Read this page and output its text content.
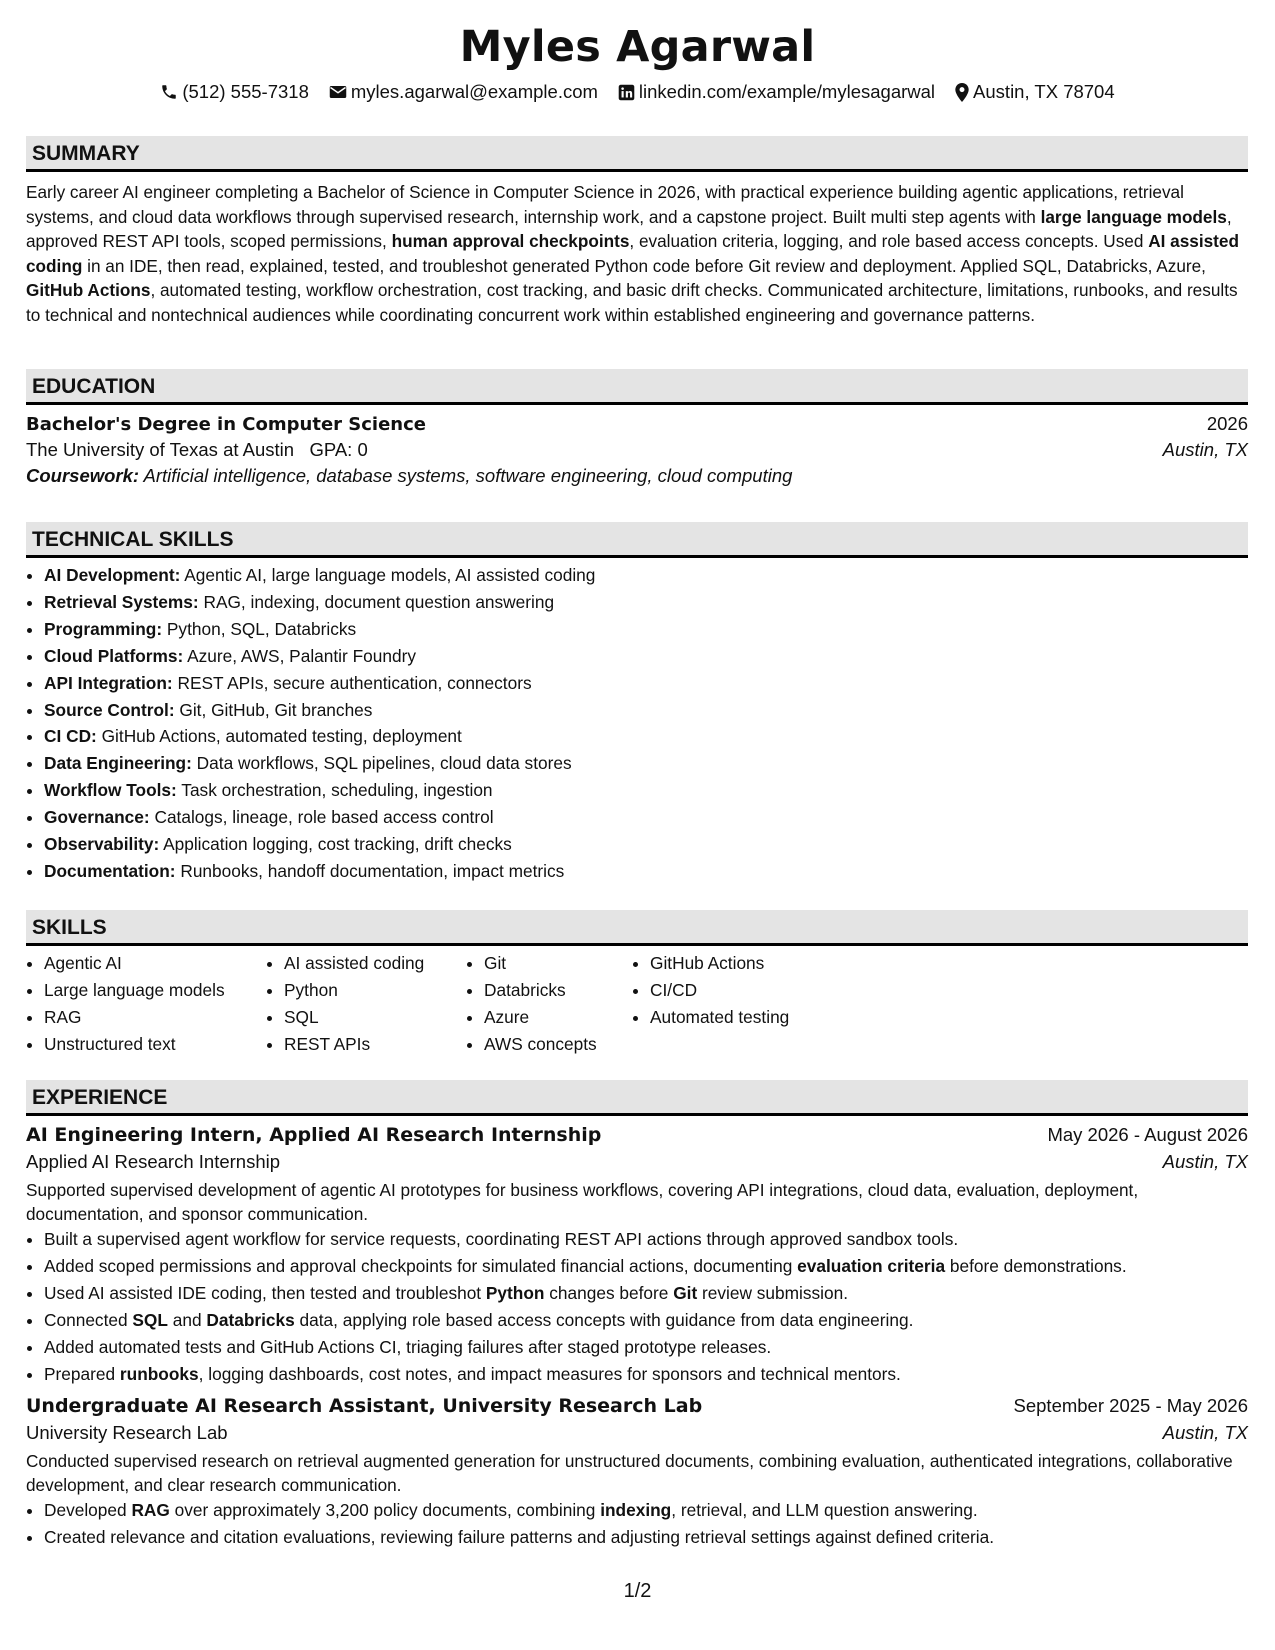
Myles Agarwal
(512) 555-7318 myles.agarwal@example.com linkedin.com/example/mylesagarwal Austin, TX 78704
SUMMARY

Early career AI engineer completing a Bachelor of Science in Computer Science in 2026, with practical experience building agentic applications, retrieval systems, and cloud data workflows through supervised research, internship work, and a capstone project. Built multi step agents with large language models, approved REST API tools, scoped permissions, human approval checkpoints, evaluation criteria, logging, and role based access concepts. Used AI assisted coding in an IDE, then read, explained, tested, and troubleshot generated Python code before Git review and deployment. Applied SQL, Databricks, Azure, GitHub Actions, automated testing, workflow orchestration, cost tracking, and basic drift checks. Communicated architecture, limitations, runbooks, and results to technical and nontechnical audiences while coordinating concurrent work within established engineering and governance patterns.

EDUCATION
Bachelor's Degree in Computer Science	2026
The University of Texas at Austin GPA: 0	Austin, TX
Coursework: Artificial intelligence, database systems, software engineering, cloud computing
TECHNICAL SKILLS
• AI Development: Agentic AI, large language models, AI assisted coding
• Retrieval Systems: RAG, indexing, document question answering
• Programming: Python, SQL, Databricks
• Cloud Platforms: Azure, AWS, Palantir Foundry
• API Integration: REST APIs, secure authentication, connectors
• Source Control: Git, GitHub, Git branches
• CI CD: GitHub Actions, automated testing, deployment
• Data Engineering: Data workflows, SQL pipelines, cloud data stores
• Workflow Tools: Task orchestration, scheduling, ingestion
• Governance: Catalogs, lineage, role based access control
• Observability: Application logging, cost tracking, drift checks
• Documentation: Runbooks, handoff documentation, impact metrics
SKILLS
• Agentic AI
• Large language models
• RAG
• Unstructured text
• AI assisted coding
• Python
• SQL
• REST APIs
• Git
• Databricks
• Azure
• AWS concepts
• GitHub Actions
• CI/CD
• Automated testing
EXPERIENCE
AI Engineering Intern, Applied AI Research Internship	May 2026 - August 2026
Applied AI Research Internship	Austin, TX

Supported supervised development of agentic AI prototypes for business workflows, covering API integrations, cloud data, evaluation, deployment, documentation, and sponsor communication.

• Built a supervised agent workflow for service requests, coordinating REST API actions through approved sandbox tools.
• Added scoped permissions and approval checkpoints for simulated financial actions, documenting evaluation criteria before demonstrations.
• Used AI assisted IDE coding, then tested and troubleshot Python changes before Git review submission.
• Connected SQL and Databricks data, applying role based access concepts with guidance from data engineering.
• Added automated tests and GitHub Actions CI, triaging failures after staged prototype releases.
• Prepared runbooks, logging dashboards, cost notes, and impact measures for sponsors and technical mentors.
Undergraduate AI Research Assistant, University Research Lab	September 2025 - May 2026
University Research Lab	Austin, TX

Conducted supervised research on retrieval augmented generation for unstructured documents, combining evaluation, authenticated integrations, collaborative development, and clear research communication.

• Developed RAG over approximately 3,200 policy documents, combining indexing, retrieval, and LLM question answering.
• Created relevance and citation evaluations, reviewing failure patterns and adjusting retrieval settings against defined criteria.
1/2
